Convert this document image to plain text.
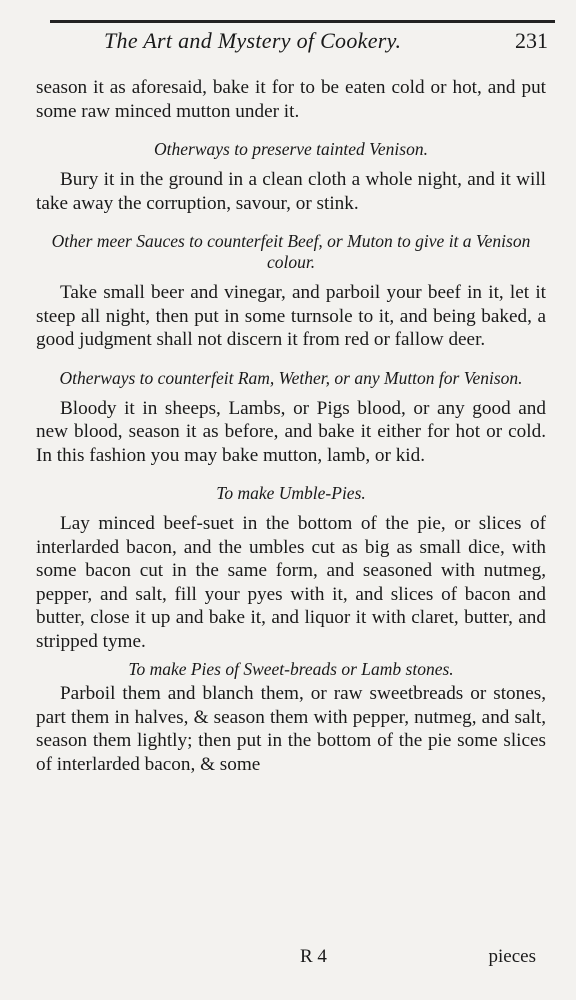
The Art and Mystery of Cookery.	231

season it as aforesaid, bake it for to be eaten cold or hot, and put some raw minced mutton under it.

Otherways to preserve tainted Venison.

Bury it in the ground in a clean cloth a whole night, and it will take away the corruption, savour, or stink.

Other meer Sauces to counterfeit Beef, or Muton to give it a Venison colour.

Take small beer and vinegar, and parboil your beef in it, let it steep all night, then put in some turnsole to it, and being baked, a good judgment shall not discern it from red or fallow deer.

Otherways to counterfeit Ram, Wether, or any Mutton for Venison.

Bloody it in sheeps, Lambs, or Pigs blood, or any good and new blood, season it as before, and bake it either for hot or cold. In this fashion you may bake mutton, lamb, or kid.

To make Umble-Pies.

Lay minced beef-suet in the bottom of the pie, or slices of interlarded bacon, and the umbles cut as big as small dice, with some bacon cut in the same form, and seasoned with nutmeg, pepper, and salt, fill your pyes with it, and slices of bacon and butter, close it up and bake it, and liquor it with claret, butter, and stripped tyme.

To make Pies of Sweet-breads or Lamb stones.

Parboil them and blanch them, or raw sweetbreads or stones, part them in halves, & season them with pepper, nutmeg, and salt, season them lightly; then put in the bottom of the pie some slices of interlarded bacon, & some

R 4	pieces
